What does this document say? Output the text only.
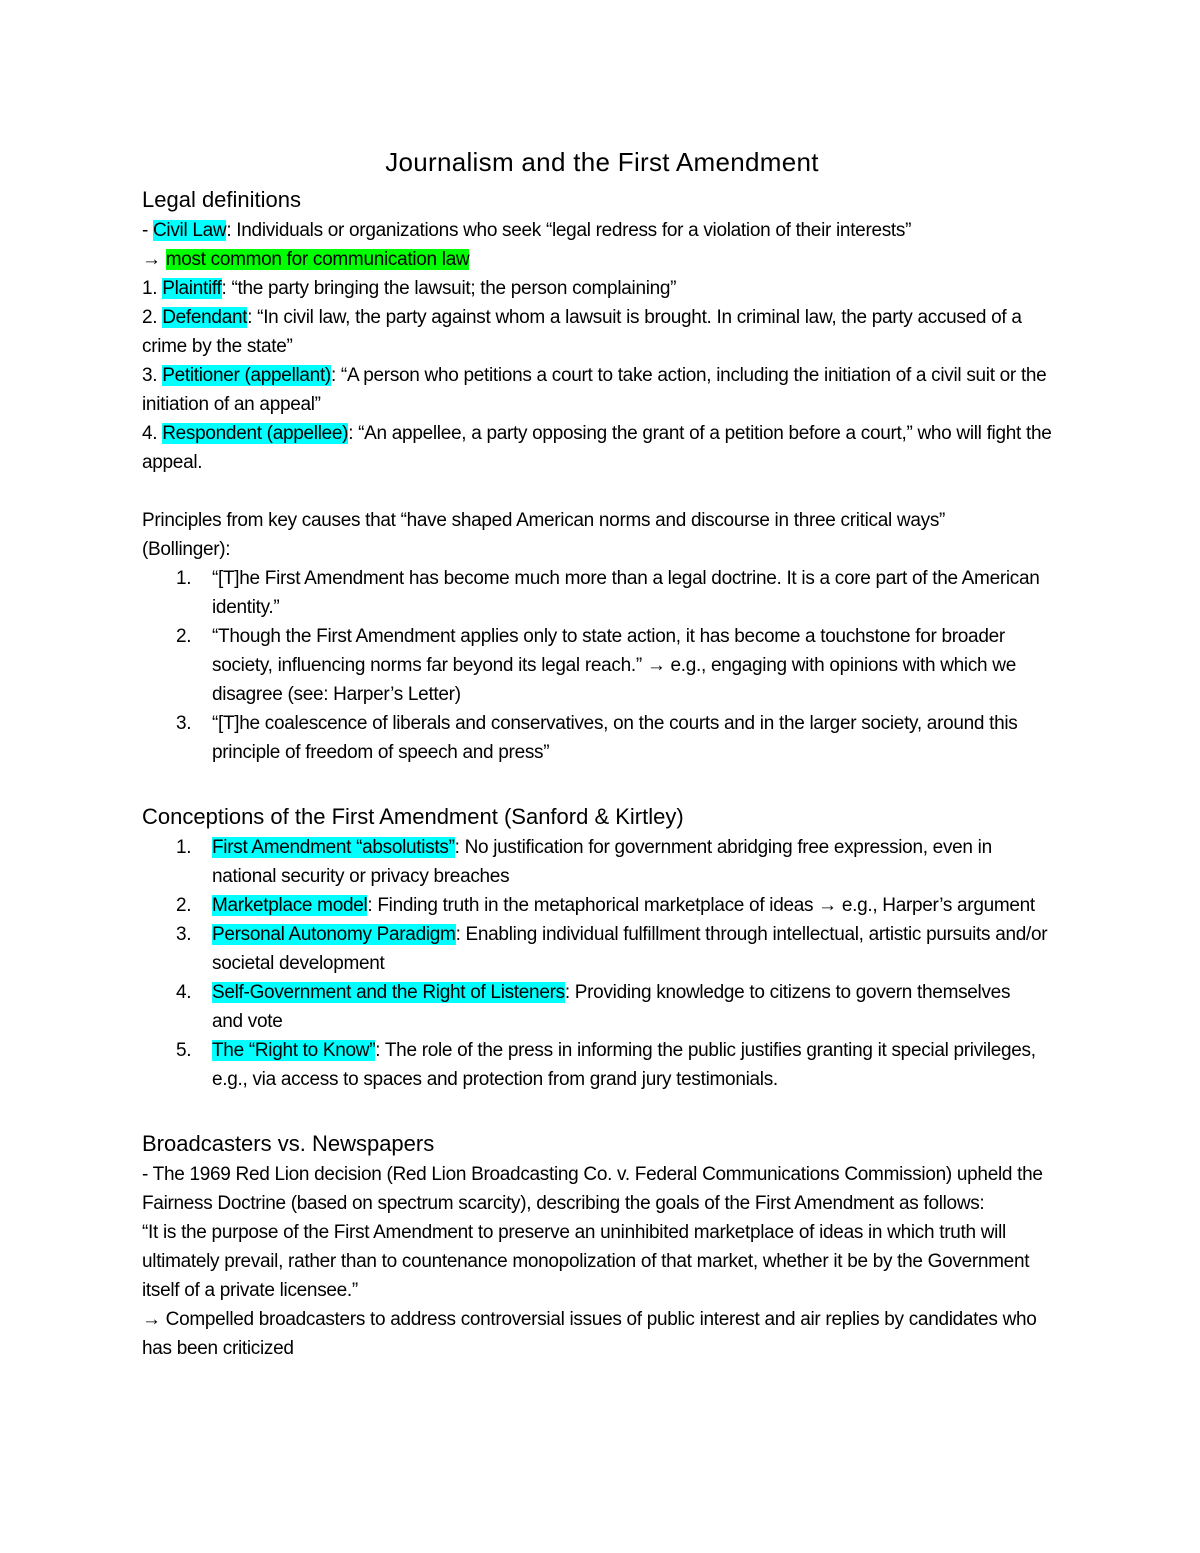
Journalism and the First Amendment
Legal definitions
- Civil Law: Individuals or organizations who seek “legal redress for a violation of their interests”
→ most common for communication law
1. Plaintiff: “the party bringing the lawsuit; the person complaining”
2. Defendant: “In civil law, the party against whom a lawsuit is brought. In criminal law, the party accused of a crime by the state”
3. Petitioner (appellant): “A person who petitions a court to take action, including the initiation of a civil suit or the initiation of an appeal”
4. Respondent (appellee): “An appellee, a party opposing the grant of a petition before a court,” who will fight the appeal.
Principles from key causes that “have shaped American norms and discourse in three critical ways” (Bollinger):
1. “[T]he First Amendment has become much more than a legal doctrine. It is a core part of the American identity.”
2. “Though the First Amendment applies only to state action, it has become a touchstone for broader society, influencing norms far beyond its legal reach.” → e.g., engaging with opinions with which we disagree (see: Harper’s Letter)
3. “[T]he coalescence of liberals and conservatives, on the courts and in the larger society, around this principle of freedom of speech and press”
Conceptions of the First Amendment (Sanford & Kirtley)
1. First Amendment “absolutists”: No justification for government abridging free expression, even in national security or privacy breaches
2. Marketplace model: Finding truth in the metaphorical marketplace of ideas → e.g., Harper’s argument
3. Personal Autonomy Paradigm: Enabling individual fulfillment through intellectual, artistic pursuits and/or societal development
4. Self-Government and the Right of Listeners: Providing knowledge to citizens to govern themselves and vote
5. The “Right to Know”: The role of the press in informing the public justifies granting it special privileges, e.g., via access to spaces and protection from grand jury testimonials.
Broadcasters vs. Newspapers
- The 1969 Red Lion decision (Red Lion Broadcasting Co. v. Federal Communications Commission) upheld the Fairness Doctrine (based on spectrum scarcity), describing the goals of the First Amendment as follows:
“It is the purpose of the First Amendment to preserve an uninhibited marketplace of ideas in which truth will ultimately prevail, rather than to countenance monopolization of that market, whether it be by the Government itself of a private licensee.”
→ Compelled broadcasters to address controversial issues of public interest and air replies by candidates who has been criticized
